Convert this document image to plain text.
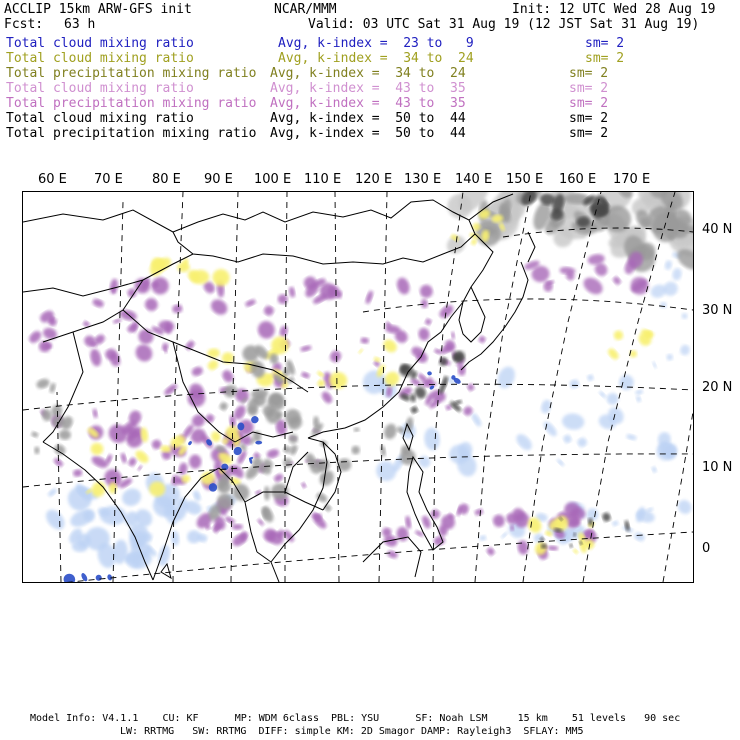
ACCLIP 15km ARW-GFS init	NCAR/MMM	Init: 12 UTC Wed 28 Aug 19
Fcst: 63 h	Valid: 03 UTC Sat 31 Aug 19 (12 JST Sat 31 Aug 19)
Total cloud mixing ratio	Avg, k-index =  23 to   9	sm= 2
Total cloud mixing ratio	Avg, k-index =  34 to  24	sm= 2
Total precipitation mixing ratio Avg, k-index =  34 to  24	sm= 2
Total cloud mixing ratio	Avg, k-index =  43 to  35	sm= 2
Total precipitation mixing ratio Avg, k-index =  43 to  35	sm= 2
Total cloud mixing ratio	Avg, k-index =  50 to  44	sm= 2
Total precipitation mixing ratio Avg, k-index =  50 to  44	sm= 2
60 E 70 E 80 E 90 E 100 E 110 E 120 E 130 E 140 E 150 E 160 E 170 E
40 N
30 N
20 N
10 N
0
Model Info: V4.1.1    CU: KF      MP: WDM 6class  PBL: YSU      SF: Noah LSM     15 km    51 levels   90 sec
LW: RRTMG   SW: RRTMG  DIFF: simple KM: 2D Smagor DAMP: Rayleigh3  SFLAY: MM5
